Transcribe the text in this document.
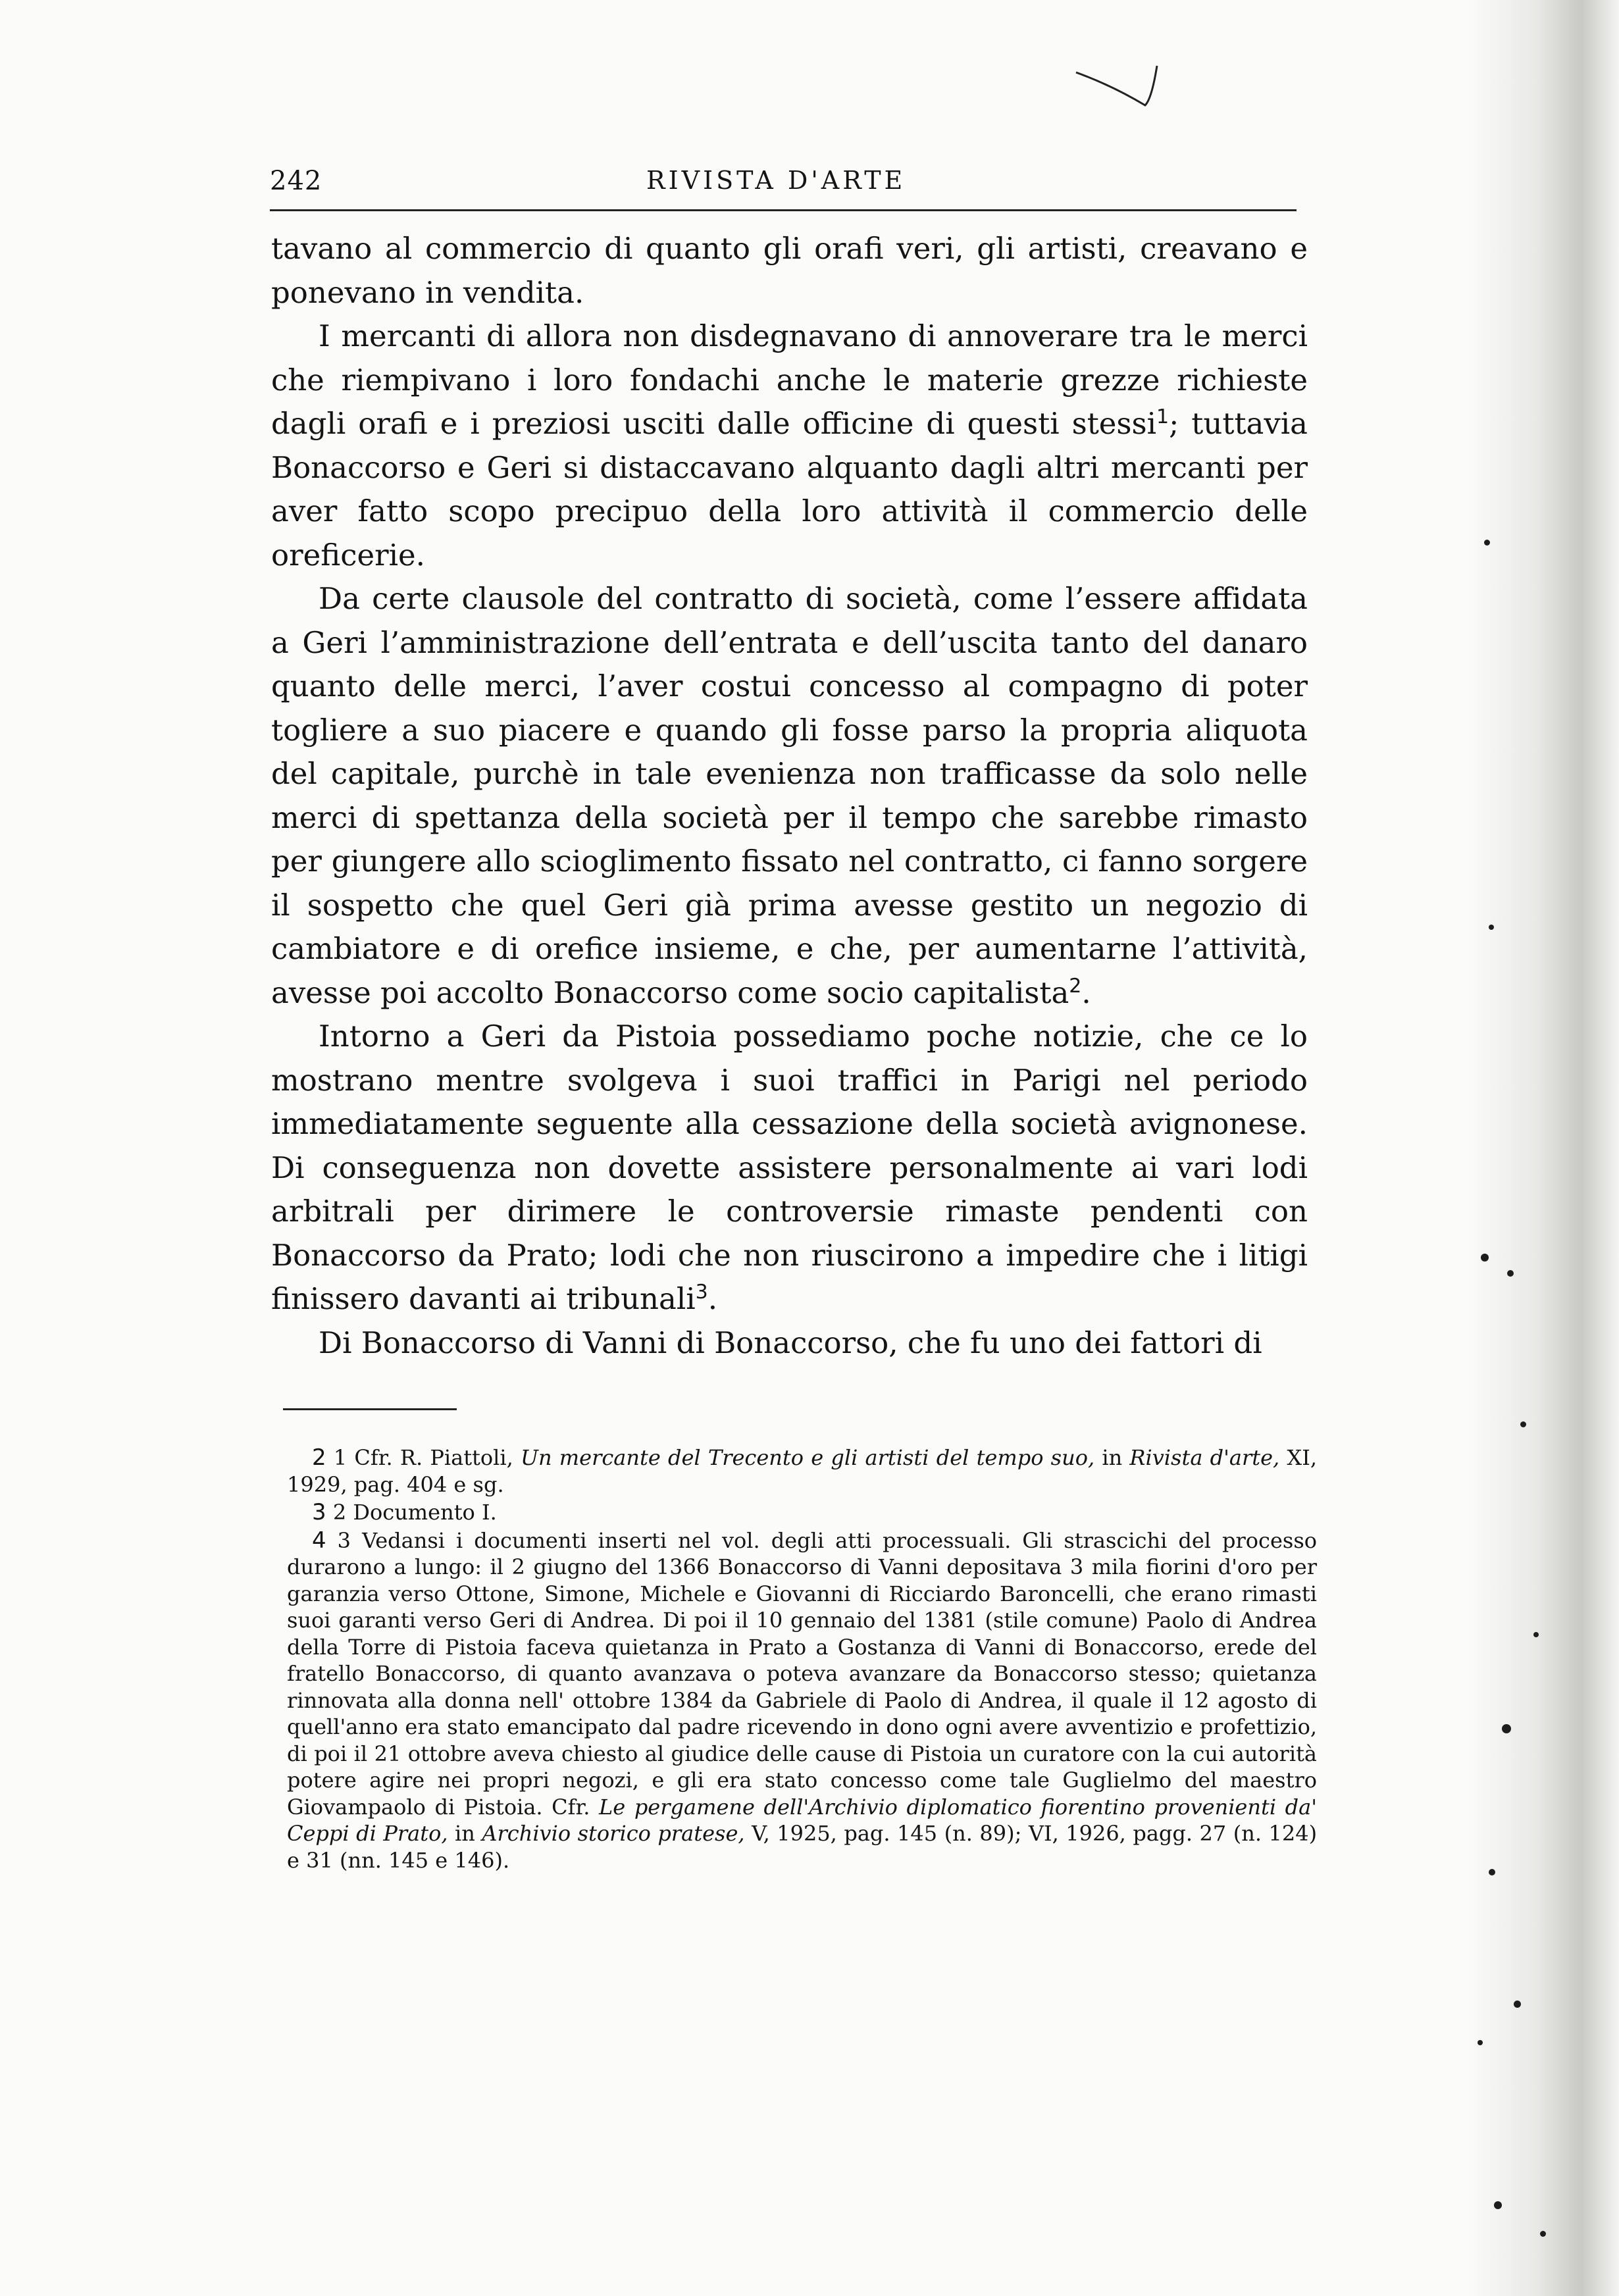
242	RIVISTA D'ARTE

tavano al commercio di quanto gli orafi veri, gli artisti, creavano e ponevano in vendita.

I mercanti di allora non disdegnavano di annoverare tra le merci che riempivano i loro fondachi anche le materie grezze richieste dagli orafi e i preziosi usciti dalle officine di questi stessi$^1$; tuttavia Bonaccorso e Geri si distaccavano alquanto dagli altri mercanti per aver fatto scopo precipuo della loro attività il commercio delle oreficerie.

Da certe clausole del contratto di società, come l’essere affidata a Geri l’amministrazione dell’entrata e dell’uscita tanto del danaro quanto delle merci, l’aver costui concesso al compagno di poter togliere a suo piacere e quando gli fosse parso la propria aliquota del capitale, purchè in tale evenienza non trafficasse da solo nelle merci di spettanza della società per il tempo che sarebbe rimasto per giungere allo scioglimento fissato nel contratto, ci fanno sorgere il sospetto che quel Geri già prima avesse gestito un negozio di cambiatore e di orefice insieme, e che, per aumentarne l’attività, avesse poi accolto Bonaccorso come socio capitalista$^2$.

Intorno a Geri da Pistoia possediamo poche notizie, che ce lo mostrano mentre svolgeva i suoi traffici in Parigi nel periodo immediatamente seguente alla cessazione della società avignonese. Di conseguenza non dovette assistere personalmente ai vari lodi arbitrali per dirimere le controversie rimaste pendenti con Bonaccorso da Prato; lodi che non riuscirono a impedire che i litigi finissero davanti ai tribunali$^3$.

Di Bonaccorso di Vanni di Bonaccorso, che fu uno dei fattori di

2 1 Cfr. R. Piattoli, Un mercante del Trecento e gli artisti del tempo suo, in Rivista d'arte, XI, 1929, pag. 404 e sg.

3 2 Documento I.

4 3 Vedansi i documenti inserti nel vol. degli atti processuali. Gli strascichi del processo durarono a lungo: il 2 giugno del 1366 Bonaccorso di Vanni depositava 3 mila fiorini d'oro per garanzia verso Ottone, Simone, Michele e Giovanni di Ricciardo Baroncelli, che erano rimasti suoi garanti verso Geri di Andrea. Di poi il 10 gennaio del 1381 (stile comune) Paolo di Andrea della Torre di Pistoia faceva quietanza in Prato a Gostanza di Vanni di Bonaccorso, erede del fratello Bonaccorso, di quanto avanzava o poteva avanzare da Bonaccorso stesso; quietanza rinnovata alla donna nell' ottobre 1384 da Gabriele di Paolo di Andrea, il quale il 12 agosto di quell'anno era stato emancipato dal padre ricevendo in dono ogni avere avventizio e profettizio, di poi il 21 ottobre aveva chiesto al giudice delle cause di Pistoia un curatore con la cui autorità potere agire nei propri negozi, e gli era stato concesso come tale Guglielmo del maestro Giovampaolo di Pistoia. Cfr. Le pergamene dell'Archivio diplomatico fiorentino provenienti da' Ceppi di Prato, in Archivio storico pratese, V, 1925, pag. 145 (n. 89); VI, 1926, pagg. 27 (n. 124) e 31 (nn. 145 e 146).
